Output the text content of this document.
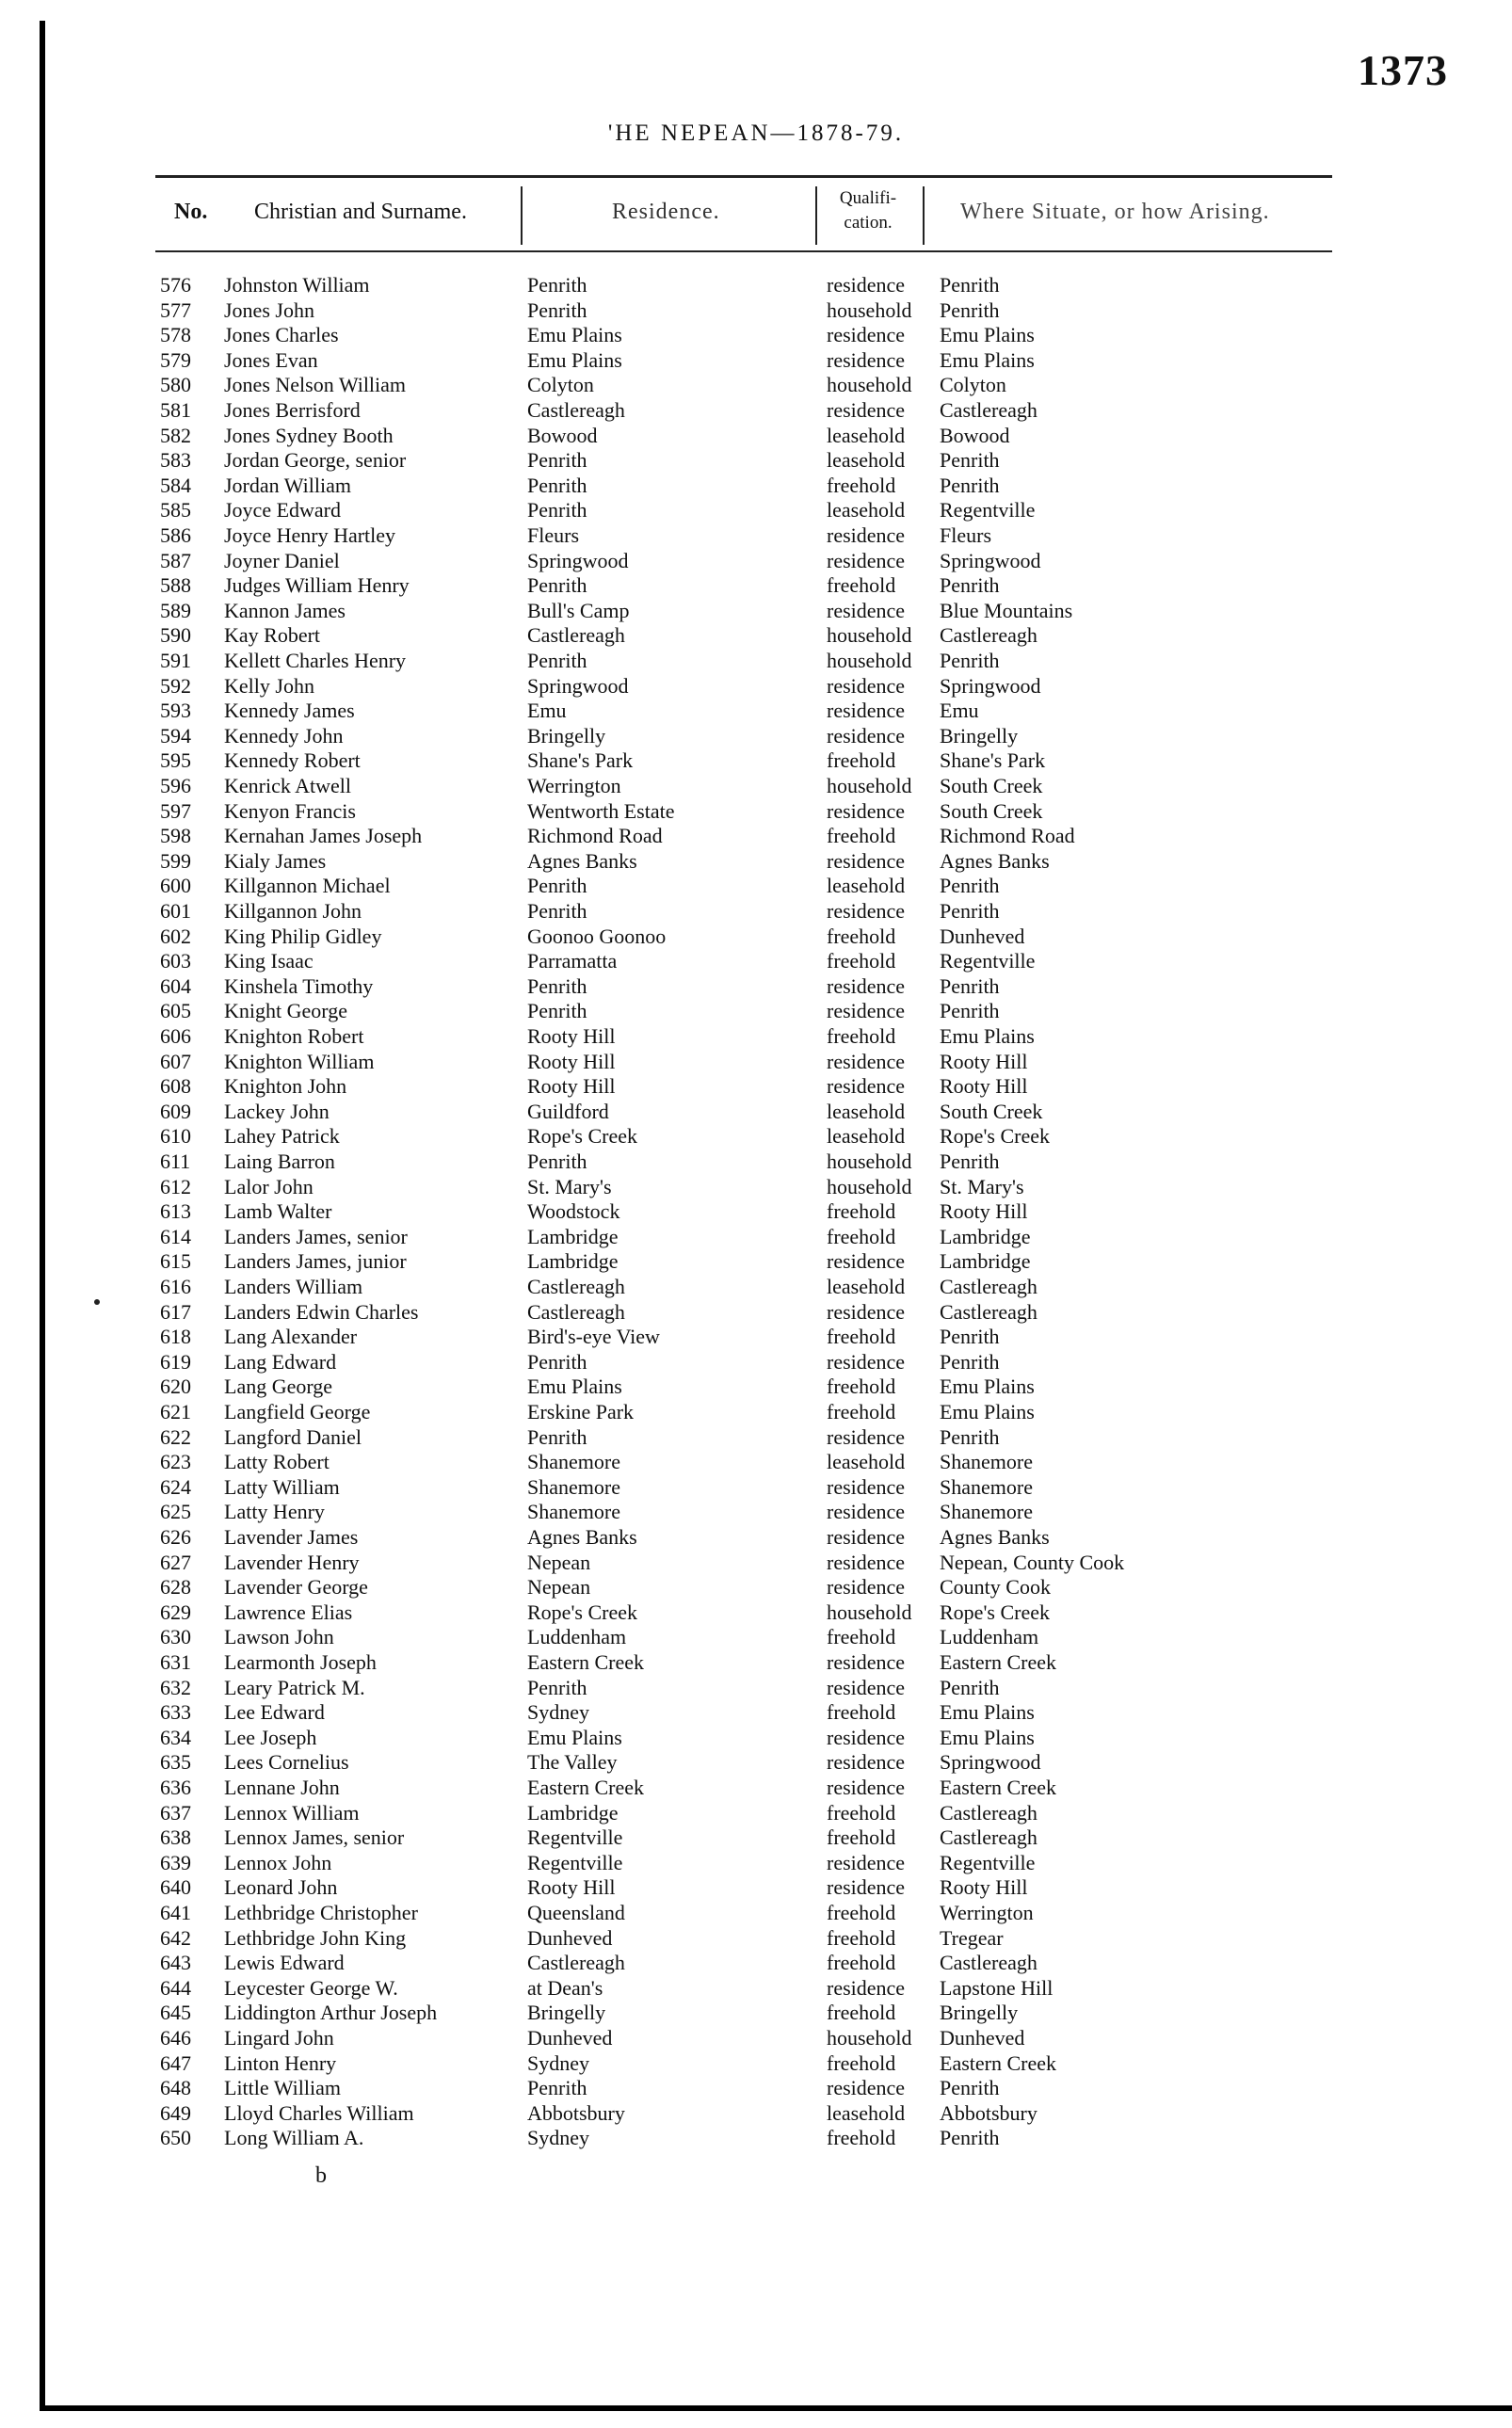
1373
'HE NEPEAN—1878-79.
No. Christian and Surname.	Residence.
Qualifi-
cation.	Where Situate, or how Arising.
576 Johnston William	Penrith	residence Penrith
577 Jones John	Penrith	household Penrith
578 Jones Charles	Emu Plains	residence Emu Plains
579 Jones Evan	Emu Plains	residence Emu Plains
580 Jones Nelson William	Colyton	household Colyton
581 Jones Berrisford	Castlereagh	residence Castlereagh
582 Jones Sydney Booth	Bowood	leasehold Bowood
583 Jordan George, senior	Penrith	leasehold Penrith
584 Jordan William	Penrith	freehold Penrith
585 Joyce Edward	Penrith	leasehold Regentville
586 Joyce Henry Hartley	Fleurs	residence Fleurs
587 Joyner Daniel	Springwood	residence Springwood
588 Judges William Henry	Penrith	freehold Penrith
589 Kannon James	Bull's Camp	residence Blue Mountains
590 Kay Robert	Castlereagh	household Castlereagh
591 Kellett Charles Henry	Penrith	household Penrith
592 Kelly John	Springwood	residence Springwood
593 Kennedy James	Emu	residence Emu
594 Kennedy John	Bringelly	residence Bringelly
595 Kennedy Robert	Shane's Park	freehold Shane's Park
596 Kenrick Atwell	Werrington	household South Creek
597 Kenyon Francis	Wentworth Estate	residence South Creek
598 Kernahan James Joseph	Richmond Road	freehold Richmond Road
599 Kialy James	Agnes Banks	residence Agnes Banks
600 Killgannon Michael	Penrith	leasehold Penrith
601 Killgannon John	Penrith	residence Penrith
602 King Philip Gidley	Goonoo Goonoo	freehold Dunheved
603 King Isaac	Parramatta	freehold Regentville
604 Kinshela Timothy	Penrith	residence Penrith
605 Knight George	Penrith	residence Penrith
606 Knighton Robert	Rooty Hill	freehold Emu Plains
607 Knighton William	Rooty Hill	residence Rooty Hill
608 Knighton John	Rooty Hill	residence Rooty Hill
609 Lackey John	Guildford	leasehold South Creek
610 Lahey Patrick	Rope's Creek	leasehold Rope's Creek
611 Laing Barron	Penrith	household Penrith
612 Lalor John	St. Mary's	household St. Mary's
613 Lamb Walter	Woodstock	freehold Rooty Hill
614 Landers James, senior	Lambridge	freehold Lambridge
615 Landers James, junior	Lambridge	residence Lambridge
616 Landers William	Castlereagh	leasehold Castlereagh
617 Landers Edwin Charles	Castlereagh	residence Castlereagh
618 Lang Alexander	Bird's-eye View	freehold Penrith
619 Lang Edward	Penrith	residence Penrith
620 Lang George	Emu Plains	freehold Emu Plains
621 Langfield George	Erskine Park	freehold Emu Plains
622 Langford Daniel	Penrith	residence Penrith
623 Latty Robert	Shanemore	leasehold Shanemore
624 Latty William	Shanemore	residence Shanemore
625 Latty Henry	Shanemore	residence Shanemore
626 Lavender James	Agnes Banks	residence Agnes Banks
627 Lavender Henry	Nepean	residence Nepean, County Cook
628 Lavender George	Nepean	residence County Cook
629 Lawrence Elias	Rope's Creek	household Rope's Creek
630 Lawson John	Luddenham	freehold Luddenham
631 Learmonth Joseph	Eastern Creek	residence Eastern Creek
632 Leary Patrick M.	Penrith	residence Penrith
633 Lee Edward	Sydney	freehold Emu Plains
634 Lee Joseph	Emu Plains	residence Emu Plains
635 Lees Cornelius	The Valley	residence Springwood
636 Lennane John	Eastern Creek	residence Eastern Creek
637 Lennox William	Lambridge	freehold Castlereagh
638 Lennox James, senior	Regentville	freehold Castlereagh
639 Lennox John	Regentville	residence Regentville
640 Leonard John	Rooty Hill	residence Rooty Hill
641 Lethbridge Christopher	Queensland	freehold Werrington
642 Lethbridge John King	Dunheved	freehold Tregear
643 Lewis Edward	Castlereagh	freehold Castlereagh
644 Leycester George W.	at Dean's	residence Lapstone Hill
645 Liddington Arthur Joseph	Bringelly	freehold Bringelly
646 Lingard John	Dunheved	household Dunheved
647 Linton Henry	Sydney	freehold Eastern Creek
648 Little William	Penrith	residence Penrith
649 Lloyd Charles William	Abbotsbury	leasehold Abbotsbury
650 Long William A.	Sydney	freehold Penrith
b
